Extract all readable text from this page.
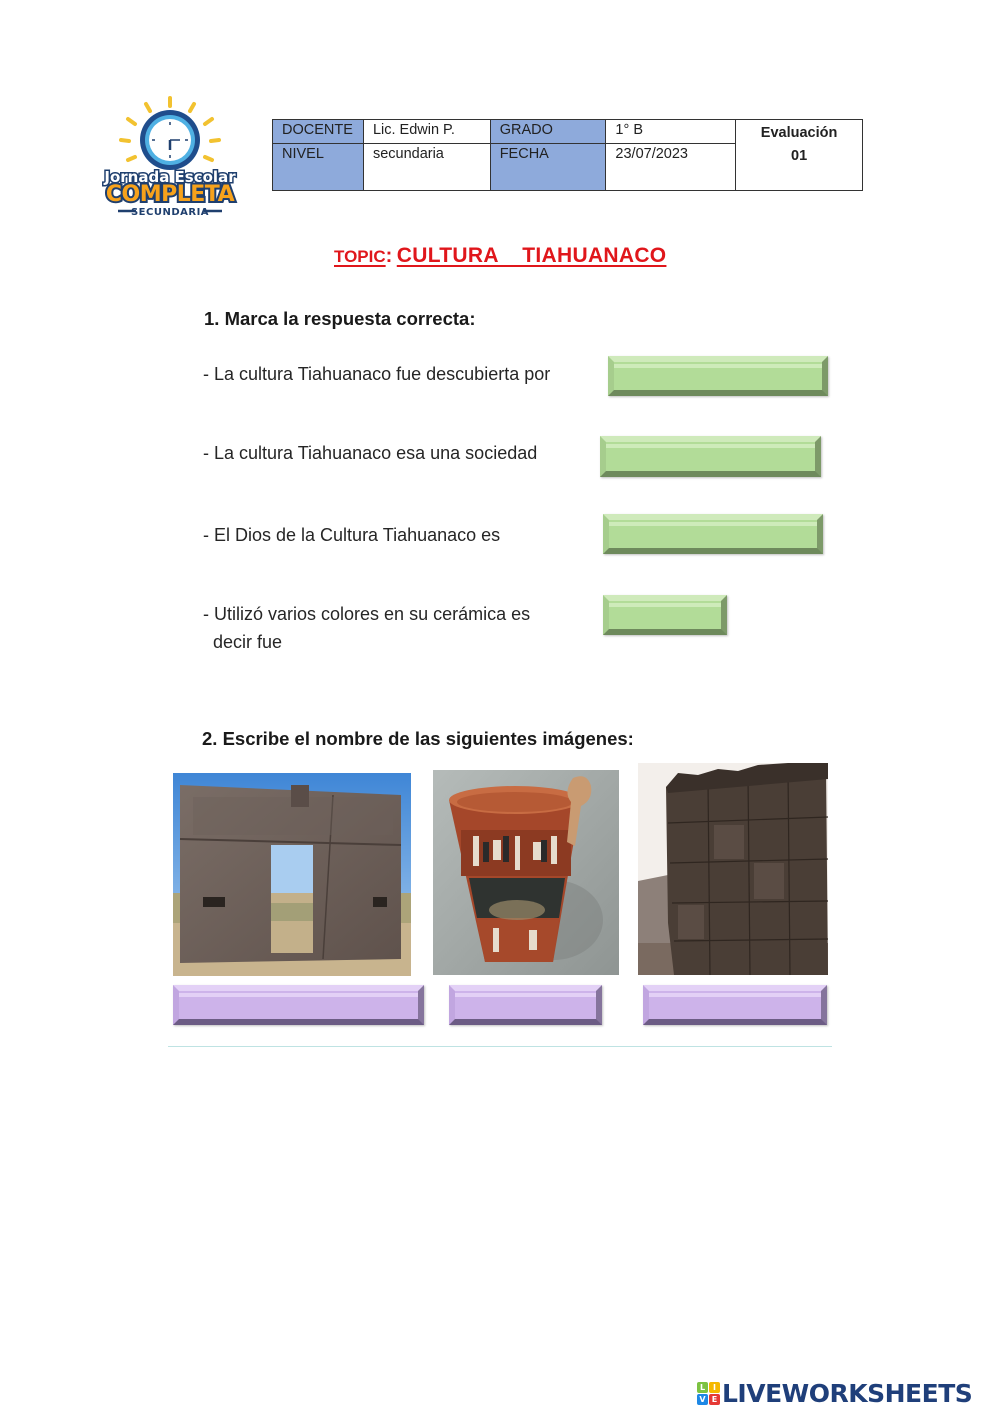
Jornada Escolar
COMPLETA
SECUNDARIA
DOCENTE	Lic. Edwin P.	GRADO	1° B	Evaluación
01

NIVEL	secundaria	FECHA	23/07/2023	
TOPIC: CULTURA  TIAHUANACO
1. Marca la respuesta correcta:
- La cultura Tiahuanaco fue descubierta por
- La cultura Tiahuanaco esa una sociedad
- El Dios de la Cultura Tiahuanaco es
- Utilizó varios colores en su cerámica es
decir fue
2. Escribe el nombre de las siguientes imágenes:
L I
V E LIVEWORKSHEETS
